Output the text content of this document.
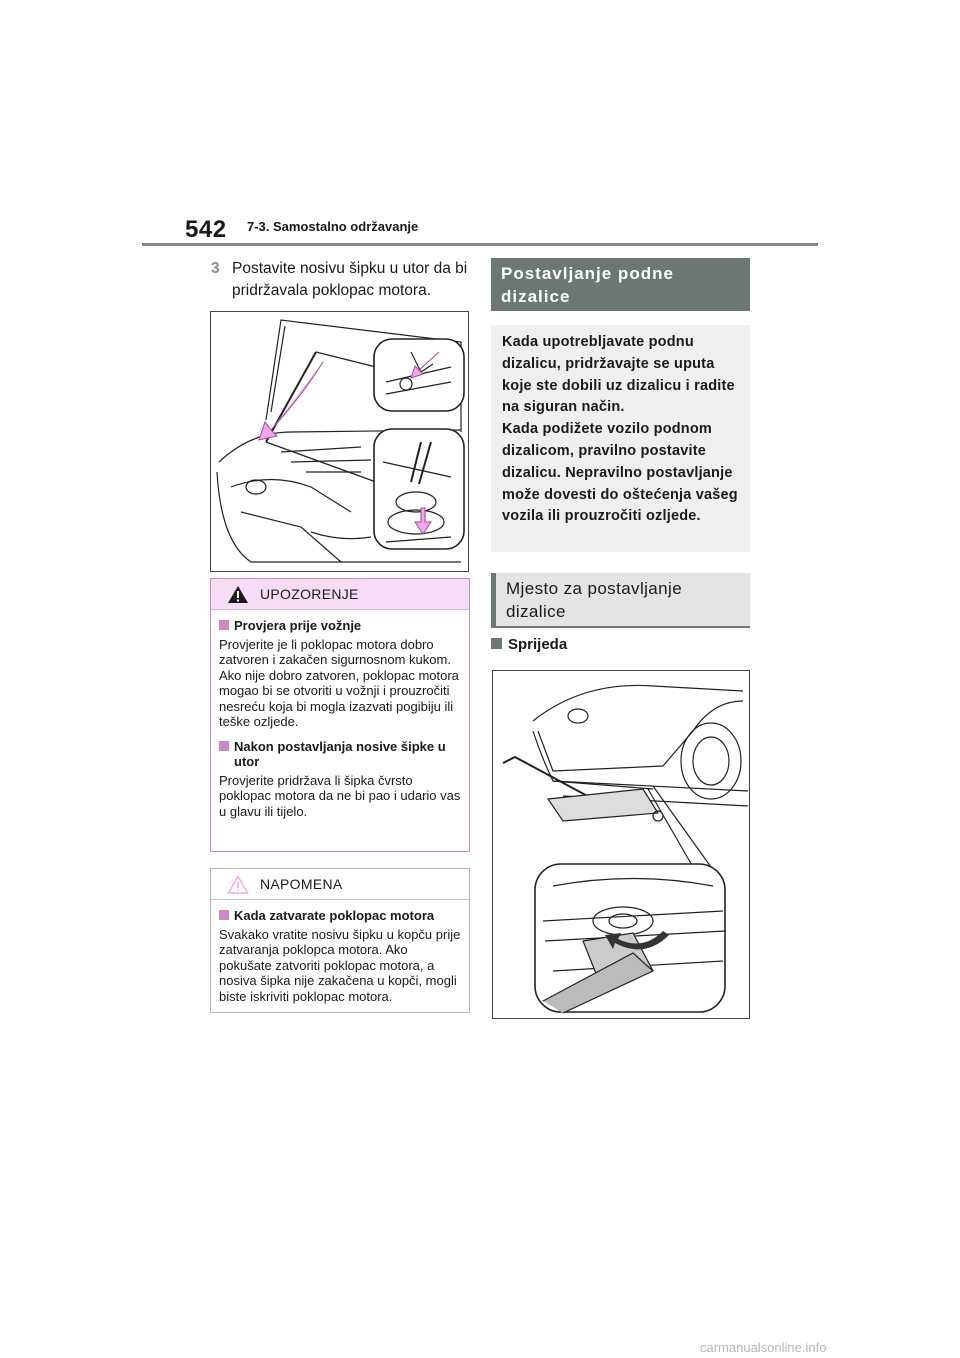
542 7-3. Samostalno održavanje
3 Postavite nosivu šipku u utor da bi pridržavala poklopac motora.
UPOZORENJE
Provjera prije vožnje
Provjerite je li poklopac motora dobro zatvoren i zakačen sigurnosnom kukom.
Ako nije dobro zatvoren, poklopac motora mogao bi se otvoriti u vožnji i prouzročiti nesreću koja bi mogla izazvati pogibiju ili teške ozljede.
Nakon postavljanja nosive šipke u utor
Provjerite pridržava li šipka čvrsto poklopac motora da ne bi pao i udario vas u glavu ili tijelo.
NAPOMENA
Kada zatvarate poklopac motora
Svakako vratite nosivu šipku u kopču prije zatvaranja poklopca motora. Ako pokušate zatvoriti poklopac motora, a nosiva šipka nije zakačena u kopči, mogli biste iskriviti poklopac motora.
Postavljanje podne dizalice
Kada upotrebljavate podnu dizalicu, pridržavajte se uputa koje ste dobili uz dizalicu i radite na siguran način.
Kada podižete vozilo podnom dizalicom, pravilno postavite dizalicu. Nepravilno postavljanje može dovesti do oštećenja vašeg vozila ili prouzročiti ozljede.
Mjesto za postavljanje dizalice
Sprijeda
carmanualsonline.info
